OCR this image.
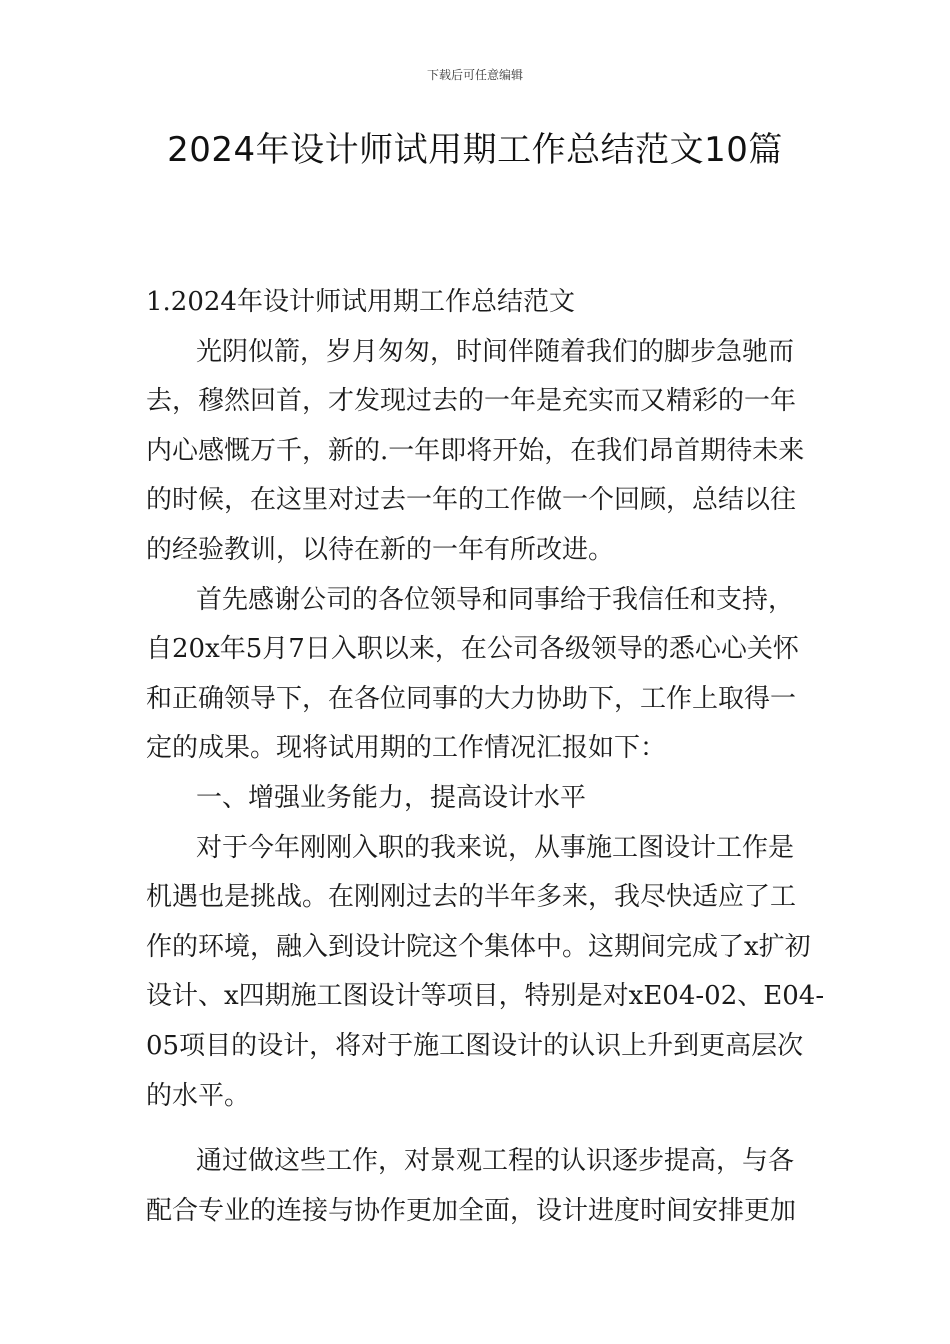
下载后可任意编辑
2024年设计师试用期工作总结范文10篇
1.2024年设计师试用期工作总结范文
光阴似箭，岁月匆匆，时间伴随着我们的脚步急驰而
去，穆然回首，才发现过去的一年是充实而又精彩的一年
内心感慨万千，新的.一年即将开始，在我们昂首期待未来
的时候，在这里对过去一年的工作做一个回顾，总结以往
的经验教训，以待在新的一年有所改进。
首先感谢公司的各位领导和同事给于我信任和支持，
自20x年5月7日入职以来，在公司各级领导的悉心心关怀
和正确领导下，在各位同事的大力协助下，工作上取得一
定的成果。现将试用期的工作情况汇报如下：
一、增强业务能力，提高设计水平
对于今年刚刚入职的我来说，从事施工图设计工作是
机遇也是挑战。在刚刚过去的半年多来，我尽快适应了工
作的环境，融入到设计院这个集体中。这期间完成了x扩初
设计、x四期施工图设计等项目，特别是对xE04-02、E04-
05项目的设计，将对于施工图设计的认识上升到更高层次
的水平。
通过做这些工作，对景观工程的认识逐步提高，与各
配合专业的连接与协作更加全面，设计进度时间安排更加
